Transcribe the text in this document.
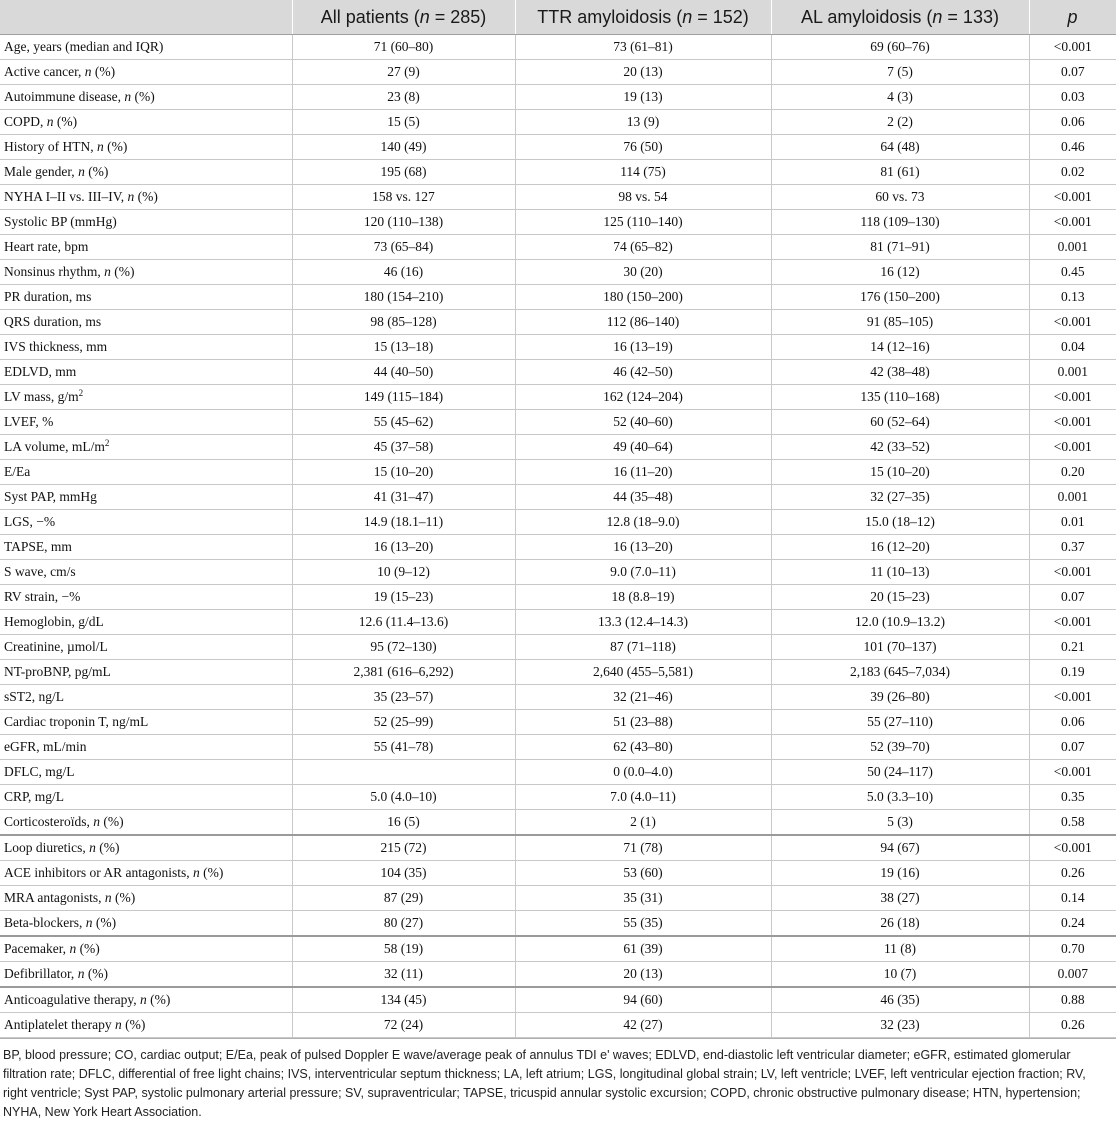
	All patients (n = 285)	TTR amyloidosis (n = 152)	AL amyloidosis (n = 133)	p
Age, years (median and IQR)	71 (60–80)	73 (61–81)	69 (60–76)	<0.001
Active cancer, n (%)	27 (9)	20 (13)	7 (5)	0.07
Autoimmune disease, n (%)	23 (8)	19 (13)	4 (3)	0.03
COPD, n (%)	15 (5)	13 (9)	2 (2)	0.06
History of HTN, n (%)	140 (49)	76 (50)	64 (48)	0.46
Male gender, n (%)	195 (68)	114 (75)	81 (61)	0.02
NYHA I–II vs. III–IV, n (%)	158 vs. 127	98 vs. 54	60 vs. 73	<0.001
Systolic BP (mmHg)	120 (110–138)	125 (110–140)	118 (109–130)	<0.001
Heart rate, bpm	73 (65–84)	74 (65–82)	81 (71–91)	0.001
Nonsinus rhythm, n (%)	46 (16)	30 (20)	16 (12)	0.45
PR duration, ms	180 (154–210)	180 (150–200)	176 (150–200)	0.13
QRS duration, ms	98 (85–128)	112 (86–140)	91 (85–105)	<0.001
IVS thickness, mm	15 (13–18)	16 (13–19)	14 (12–16)	0.04
EDLVD, mm	44 (40–50)	46 (42–50)	42 (38–48)	0.001
LV mass, $g/m^2$	149 (115–184)	162 (124–204)	135 (110–168)	<0.001
LVEF, %	55 (45–62)	52 (40–60)	60 (52–64)	<0.001
LA volume, $mL/m^2$	45 (37–58)	49 (40–64)	42 (33–52)	<0.001
E/Ea	15 (10–20)	16 (11–20)	15 (10–20)	0.20
Syst PAP, mmHg	41 (31–47)	44 (35–48)	32 (27–35)	0.001
LGS, −%	14.9 (18.1–11)	12.8 (18–9.0)	15.0 (18–12)	0.01
TAPSE, mm	16 (13–20)	16 (13–20)	16 (12–20)	0.37
S wave, cm/s	10 (9–12)	9.0 (7.0–11)	11 (10–13)	<0.001
RV strain, −%	19 (15–23)	18 (8.8–19)	20 (15–23)	0.07
Hemoglobin, g/dL	12.6 (11.4–13.6)	13.3 (12.4–14.3)	12.0 (10.9–13.2)	<0.001
Creatinine, µmol/L	95 (72–130)	87 (71–118)	101 (70–137)	0.21
NT-proBNP, pg/mL	2,381 (616–6,292)	2,640 (455–5,581)	2,183 (645–7,034)	0.19
sST2, ng/L	35 (23–57)	32 (21–46)	39 (26–80)	<0.001
Cardiac troponin T, ng/mL	52 (25–99)	51 (23–88)	55 (27–110)	0.06
eGFR, mL/min	55 (41–78)	62 (43–80)	52 (39–70)	0.07
DFLC, mg/L		0 (0.0–4.0)	50 (24–117)	<0.001
CRP, mg/L	5.0 (4.0–10)	7.0 (4.0–11)	5.0 (3.3–10)	0.35
Corticosteroïds, n (%)	16 (5)	2 (1)	5 (3)	0.58
Loop diuretics, n (%)	215 (72)	71 (78)	94 (67)	<0.001
ACE inhibitors or AR antagonists, n (%)	104 (35)	53 (60)	19 (16)	0.26
MRA antagonists, n (%)	87 (29)	35 (31)	38 (27)	0.14
Beta-blockers, n (%)	80 (27)	55 (35)	26 (18)	0.24
Pacemaker, n (%)	58 (19)	61 (39)	11 (8)	0.70
Defibrillator, n (%)	32 (11)	20 (13)	10 (7)	0.007
Anticoagulative therapy, n (%)	134 (45)	94 (60)	46 (35)	0.88
Antiplatelet therapy n (%)	72 (24)	42 (27)	32 (23)	0.26

BP, blood pressure; CO, cardiac output; E/Ea, peak of pulsed Doppler E wave/average peak of annulus TDI e' waves; EDLVD, end-diastolic left ventricular diameter; eGFR, estimated glomerular filtration rate; DFLC, differential of free light chains; IVS, interventricular septum thickness; LA, left atrium; LGS, longitudinal global strain; LV, left ventricle; LVEF, left ventricular ejection fraction; RV, right ventricle; Syst PAP, systolic pulmonary arterial pressure; SV, supraventricular; TAPSE, tricuspid annular systolic excursion; COPD, chronic obstructive pulmonary disease; HTN, hypertension; NYHA, New York Heart Association.
